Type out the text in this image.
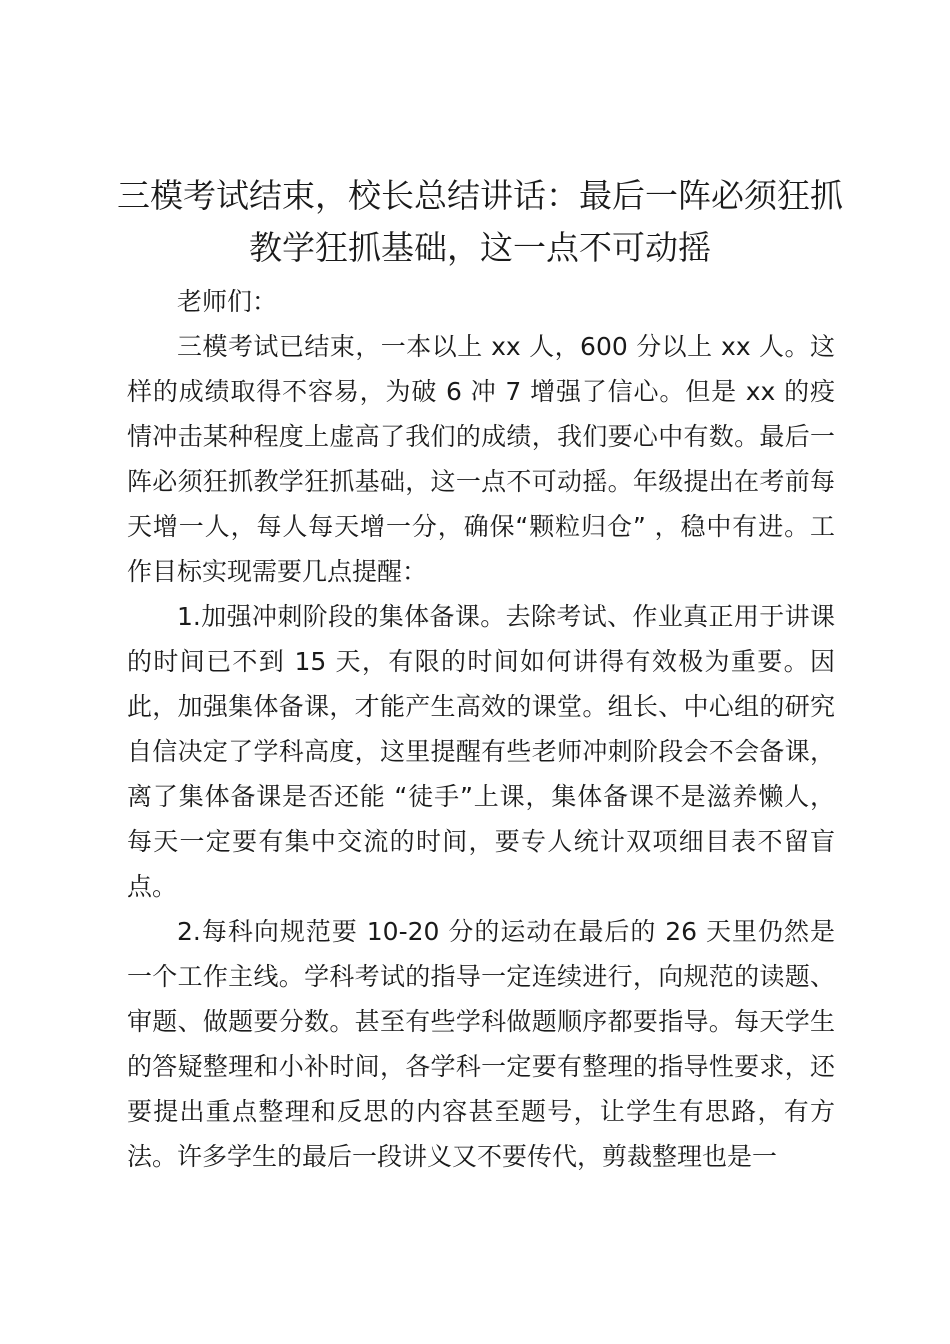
三模考试结束，校长总结讲话：最后一阵必须狂抓教学狂抓基础，这一点不可动摇

老师们：

三模考试已结束，一本以上 xx 人，600 分以上 xx 人。这样的成绩取得不容易，为破 6 冲 7 增强了信心。但是 xx 的疫情冲击某种程度上虚高了我们的成绩，我们要心中有数。最后一阵必须狂抓教学狂抓基础，这一点不可动摇。年级提出在考前每天增一人，每人每天增一分，确保“颗粒归仓” ，稳中有进。工作目标实现需要几点提醒：

1.加强冲刺阶段的集体备课。去除考试、作业真正用于讲课的时间已不到 15 天，有限的时间如何讲得有效极为重要。因此，加强集体备课，才能产生高效的课堂。组长、中心组的研究自信决定了学科高度，这里提醒有些老师冲刺阶段会不会备课，离了集体备课是否还能 “徒手”上课，集体备课不是滋养懒人，每天一定要有集中交流的时间，要专人统计双项细目表不留盲点。

2.每科向规范要 10-20 分的运动在最后的 26 天里仍然是一个工作主线。学科考试的指导一定连续进行，向规范的读题、审题、做题要分数。甚至有些学科做题顺序都要指导。每天学生的答疑整理和小补时间，各学科一定要有整理的指导性要求，还要提出重点整理和反思的内容甚至题号，让学生有思路，有方法。许多学生的最后一段讲义又不要传代，剪裁整理也是一
